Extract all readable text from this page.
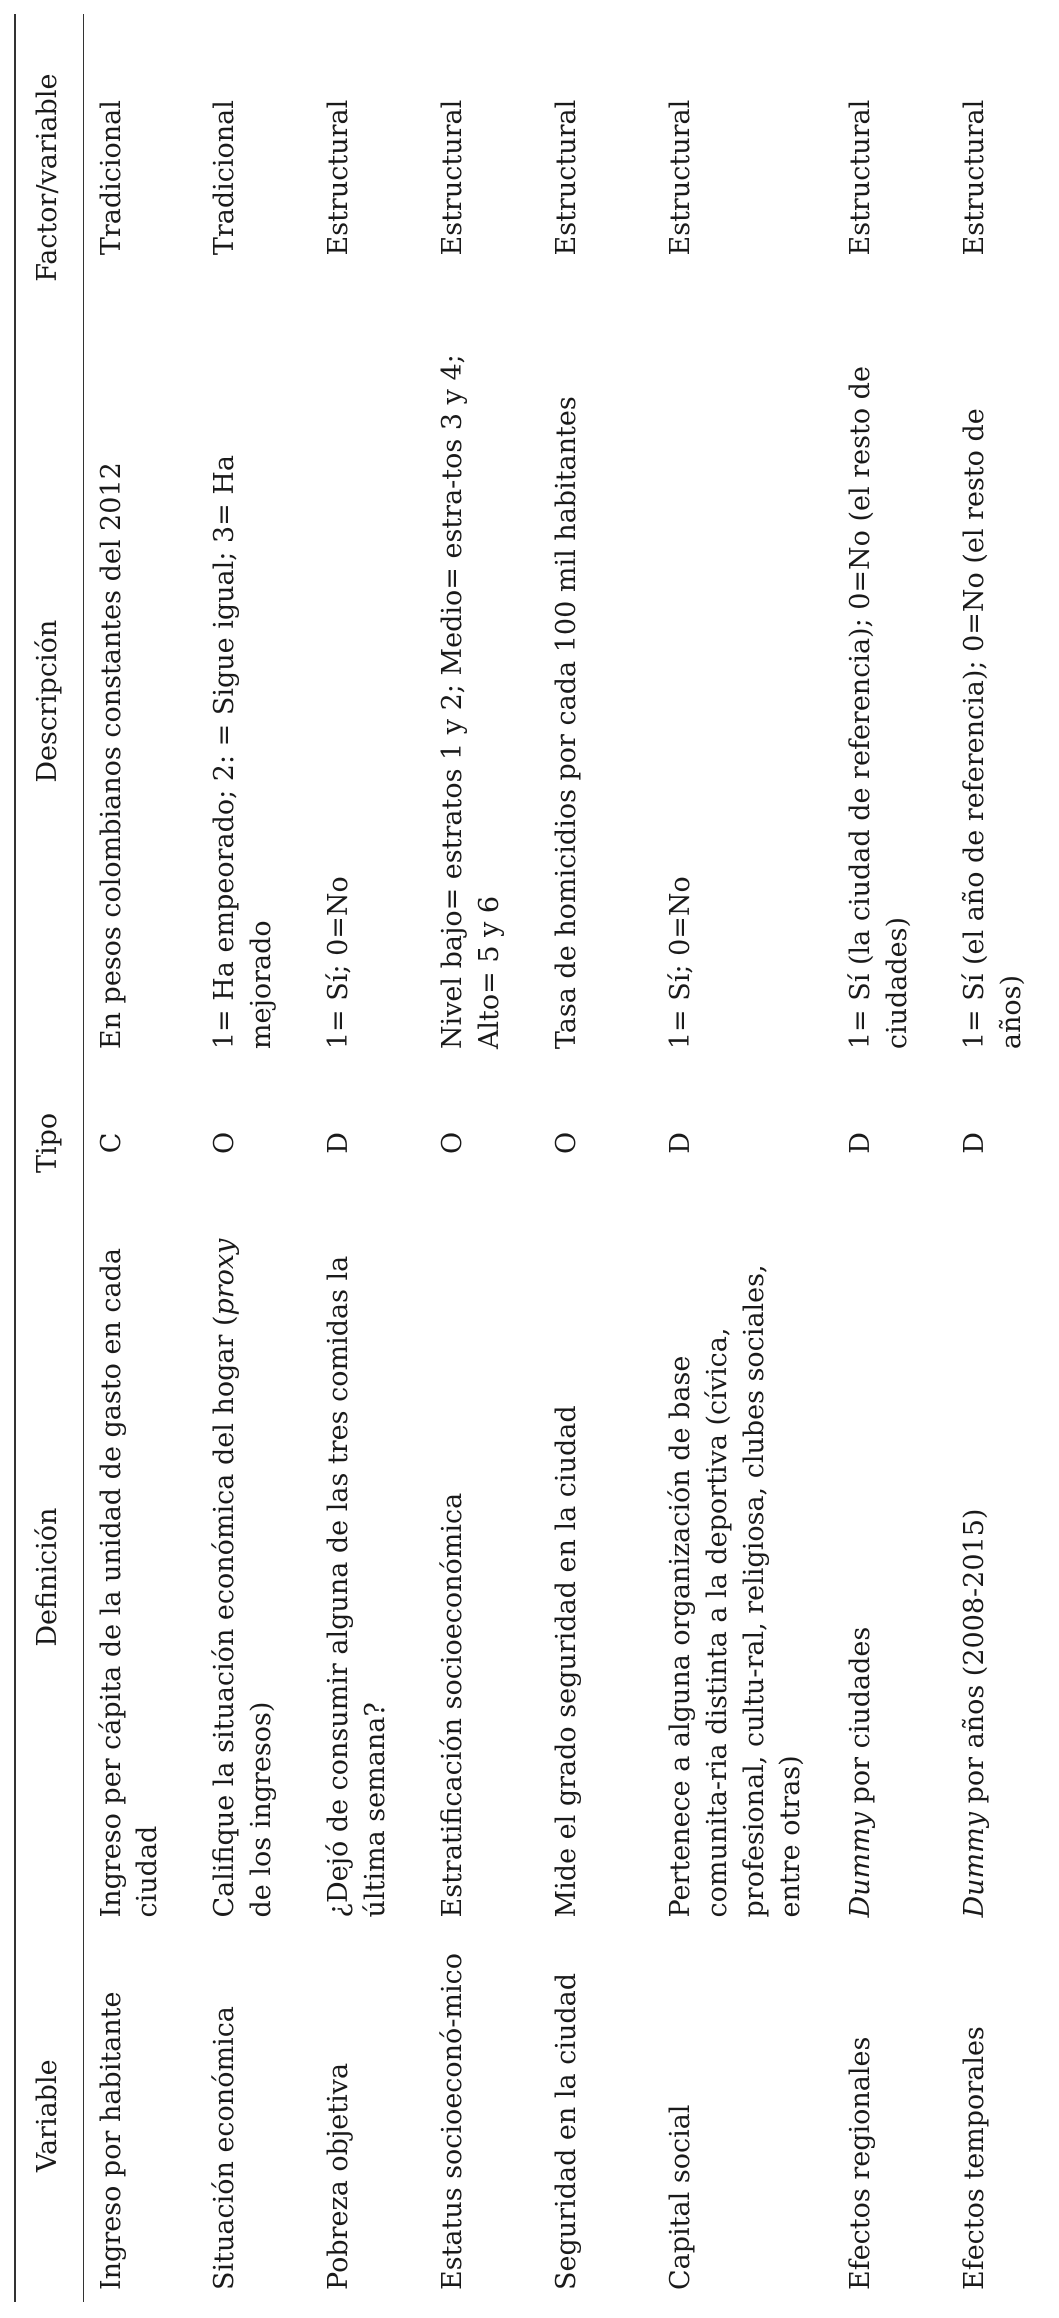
Variable	Definición	Tipo	Descripción	Factor/variable
Ingreso por habitante	Ingreso per cápita de la unidad de gasto en cada ciudad	C	En pesos colombianos constantes del 2012	Tradicional
Situación económica	Califique la situación económica del hogar (proxy de los ingresos)	O	1= Ha empeorado; 2: = Sigue igual; 3= Ha mejorado	Tradicional
Pobreza objetiva	¿Dejó de consumir alguna de las tres comidas la última semana?	D	1= Sí; 0=No	Estructural
Estatus socioeconó-mico	Estratificación socioeconómica	O	Nivel bajo= estratos 1 y 2; Medio= estra-tos 3 y 4; Alto= 5 y 6	Estructural
Seguridad en la ciudad	Mide el grado seguridad en la ciudad	O	Tasa de homicidios por cada 100 mil habitantes	Estructural
Capital social	Pertenece a alguna organización de base comunita-ria distinta a la deportiva (cívica, profesional, cultu-ral, religiosa, clubes sociales, entre otras)	D	1= Sí; 0=No	Estructural
Efectos regionales	Dummy por ciudades	D	1= Sí (la ciudad de referencia); 0=No (el resto de ciudades)	Estructural
Efectos temporales	Dummy por años (2008-2015)	D	1= Sí (el año de referencia); 0=No (el resto de años)	Estructural
